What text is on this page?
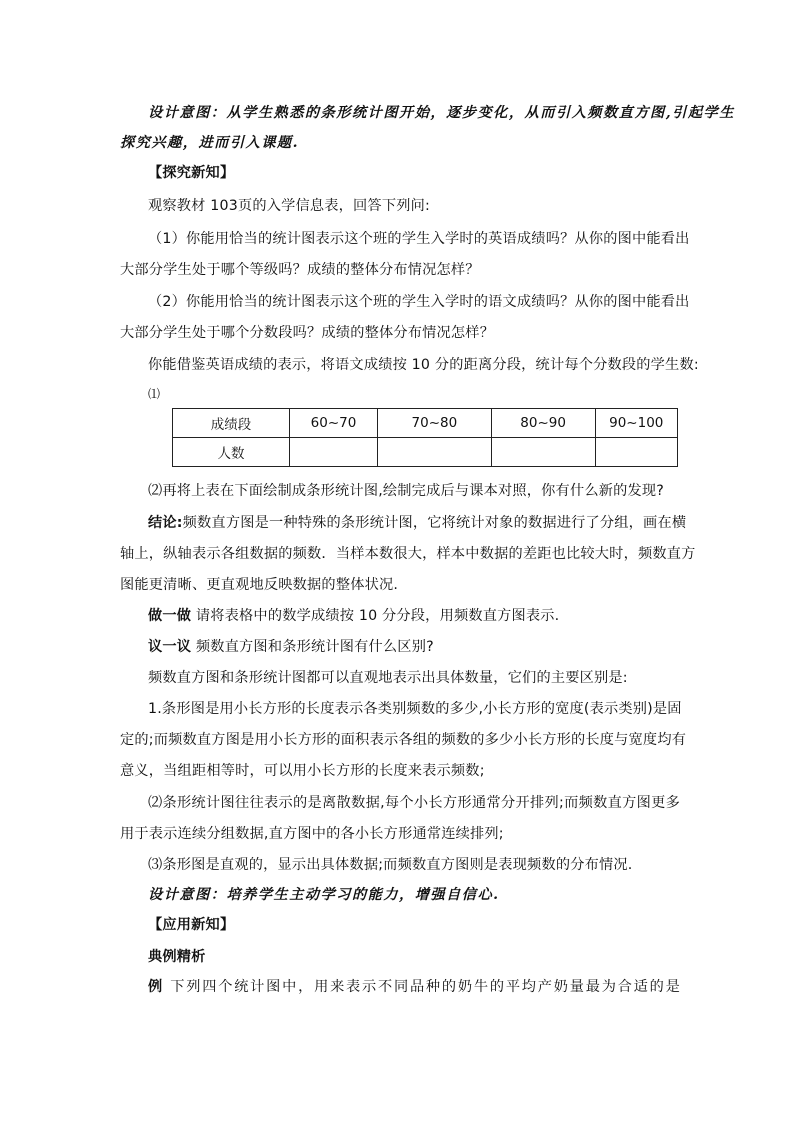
设计意图：从学生熟悉的条形统计图开始，逐步变化，从而引入频数直方图,引起学生
探究兴趣，进而引入课题.
【探究新知】
观察教材 103页的入学信息表，回答下列问:
（1）你能用恰当的统计图表示这个班的学生入学时的英语成绩吗？从你的图中能看出
大部分学生处于哪个等级吗？成绩的整体分布情况怎样？
（2）你能用恰当的统计图表示这个班的学生入学时的语文成绩吗？从你的图中能看出
大部分学生处于哪个分数段吗？成绩的整体分布情况怎样？
你能借鉴英语成绩的表示，将语文成绩按 10 分的距离分段，统计每个分数段的学生数:
⑴
成绩段	60~70	70~80	80~90	90~100
人数				
⑵再将上表在下面绘制成条形统计图,绘制完成后与课本对照，你有什么新的发现?
结论:频数直方图是一种特殊的条形统计图，它将统计对象的数据进行了分组，画在横
轴上，纵轴表示各组数据的频数．当样本数很大，样本中数据的差距也比较大时，频数直方
图能更清晰、更直观地反映数据的整体状况.
做一做 请将表格中的数学成绩按 10 分分段，用频数直方图表示.
议一议 频数直方图和条形统计图有什么区别?
频数直方图和条形统计图都可以直观地表示出具体数量，它们的主要区别是:
1.条形图是用小长方形的长度表示各类别频数的多少,小长方形的宽度(表示类别)是固
定的;而频数直方图是用小长方形的面积表示各组的频数的多少小长方形的长度与宽度均有
意义，当组距相等时，可以用小长方形的长度来表示频数;
⑵条形统计图往往表示的是离散数据,每个小长方形通常分开排列;而频数直方图更多
用于表示连续分组数据,直方图中的各小长方形通常连续排列;
⑶条形图是直观的，显示出具体数据;而频数直方图则是表现频数的分布情况.
设计意图：培养学生主动学习的能力，增强自信心.
【应用新知】
典例精析
例 下列四个统计图中，用来表示不同品种的奶牛的平均产奶量最为合适的是
